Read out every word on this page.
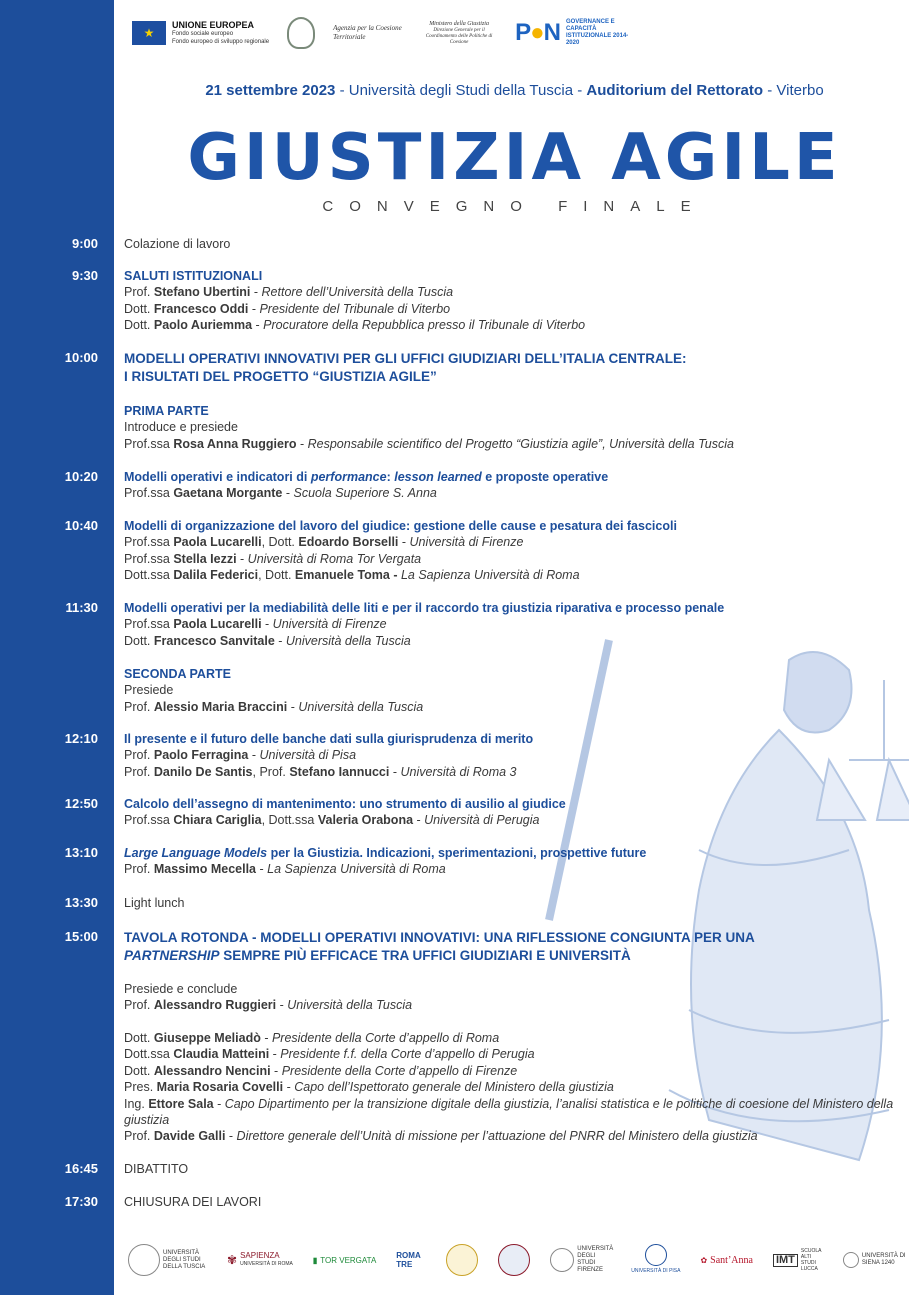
★
UNIONE EUROPEA
Fondo sociale europeo
Fondo europeo di sviluppo regionale
Agenzia per la Coesione Territoriale
Ministero della Giustizia
Direzione Generale per il Coordinamento delle Politiche di Coesione	P●N GOVERNANCE E CAPACITÀ ISTITUZIONALE 2014-2020
21 settembre 2023 - Università degli Studi della Tuscia - Auditorium del Rettorato - Viterbo
GIUSTIZIA AGILE
CONVEGNO FINALE
9:00 Colazione di lavoro
9:30 SALUTI ISTITUZIONALI
Prof. Stefano Ubertini - Rettore dell’Università della Tuscia
Dott. Francesco Oddi - Presidente del Tribunale di Viterbo
Dott. Paolo Auriemma - Procuratore della Repubblica presso il Tribunale di Viterbo
10:00 MODELLI OPERATIVI INNOVATIVI PER GLI UFFICI GIUDIZIARI DELL’ITALIA CENTRALE:
I RISULTATI DEL PROGETTO “GIUSTIZIA AGILE”
PRIMA PARTE
Introduce e presiede
Prof.ssa Rosa Anna Ruggiero - Responsabile scientifico del Progetto “Giustizia agile”, Università della Tuscia
10:20 Modelli operativi e indicatori di performance: lesson learned e proposte operative
Prof.ssa Gaetana Morgante - Scuola Superiore S. Anna
10:40 Modelli di organizzazione del lavoro del giudice: gestione delle cause e pesatura dei fascicoli
Prof.ssa Paola Lucarelli, Dott. Edoardo Borselli - Università di Firenze
Prof.ssa Stella Iezzi - Università di Roma Tor Vergata
Dott.ssa Dalila Federici, Dott. Emanuele Toma - La Sapienza Università di Roma
11:30 Modelli operativi per la mediabilità delle liti e per il raccordo tra giustizia riparativa e processo penale
Prof.ssa Paola Lucarelli - Università di Firenze
Dott. Francesco Sanvitale - Università della Tuscia
SECONDA PARTE
Presiede
Prof. Alessio Maria Braccini - Università della Tuscia
12:10 Il presente e il futuro delle banche dati sulla giurisprudenza di merito
Prof. Paolo Ferragina - Università di Pisa
Prof. Danilo De Santis, Prof. Stefano Iannucci - Università di Roma 3
12:50 Calcolo dell’assegno di mantenimento: uno strumento di ausilio al giudice
Prof.ssa Chiara Cariglia, Dott.ssa Valeria Orabona - Università di Perugia
13:10 Large Language Models per la Giustizia. Indicazioni, sperimentazioni, prospettive future
Prof. Massimo Mecella - La Sapienza Università di Roma
13:30 Light lunch
15:00 TAVOLA ROTONDA - MODELLI OPERATIVI INNOVATIVI: UNA RIFLESSIONE CONGIUNTA PER UNA
PARTNERSHIP SEMPRE PIÙ EFFICACE TRA UFFICI GIUDIZIARI E UNIVERSITÀ
Presiede e conclude
Prof. Alessandro Ruggieri - Università della Tuscia
Dott. Giuseppe Meliadò - Presidente della Corte d’appello di Roma
Dott.ssa Claudia Matteini - Presidente f.f. della Corte d’appello di Perugia
Dott. Alessandro Nencini - Presidente della Corte d’appello di Firenze
Pres. Maria Rosaria Covelli - Capo dell’Ispettorato generale del Ministero della giustizia
Ing. Ettore Sala - Capo Dipartimento per la transizione digitale della giustizia, l’analisi statistica e le politiche di coesione del Ministero della giustizia
Prof. Davide Galli - Direttore generale dell’Unità di missione per l’attuazione del PNRR del Ministero della giustizia
16:45 DIBATTITO
17:30 CHIUSURA DEI LAVORI
UNIVERSITÀ DEGLI STUDI DELLA TUSCIA ✾ SAPIENZA
UNIVERSITÀ DI ROMA	▮ TOR VERGATA	ROMA TRE
UNIVERSITÀ DEGLI STUDI FIRENZE	UNIVERSITÀ DI PISA
✿ Sant’Anna IMT
SCUOLA ALTI STUDI LUCCA
UNIVERSITÀ DI SIENA 1240
